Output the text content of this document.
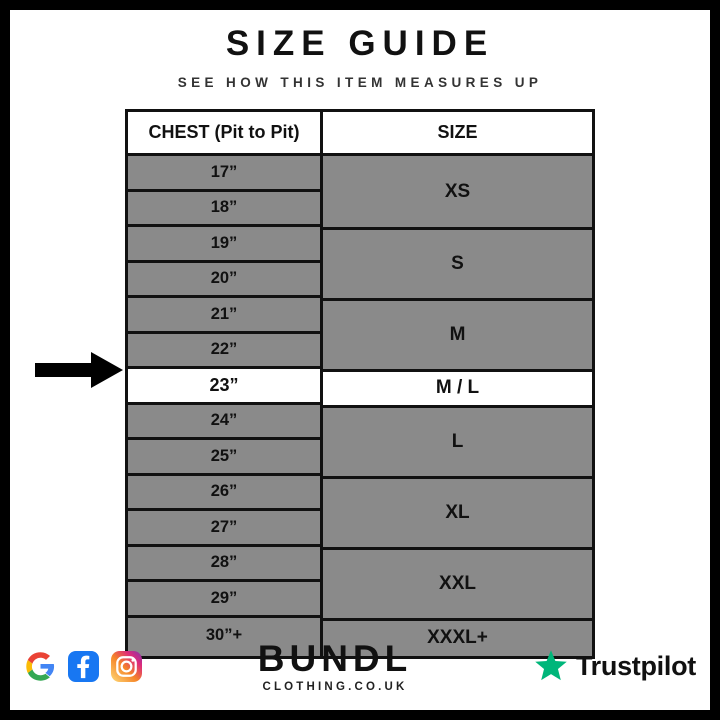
SIZE GUIDE
SEE HOW THIS ITEM MEASURES UP
CHEST (Pit to Pit)	SIZE
17”
18”
19”
20”
21”
22”
23”
24”
25”
26”
27”
28”
29”
30”+
XS
S
M
M / L
L
XL
XXL
XXXL+
BUNDL
CLOTHING.CO.UK
Trustpilot
